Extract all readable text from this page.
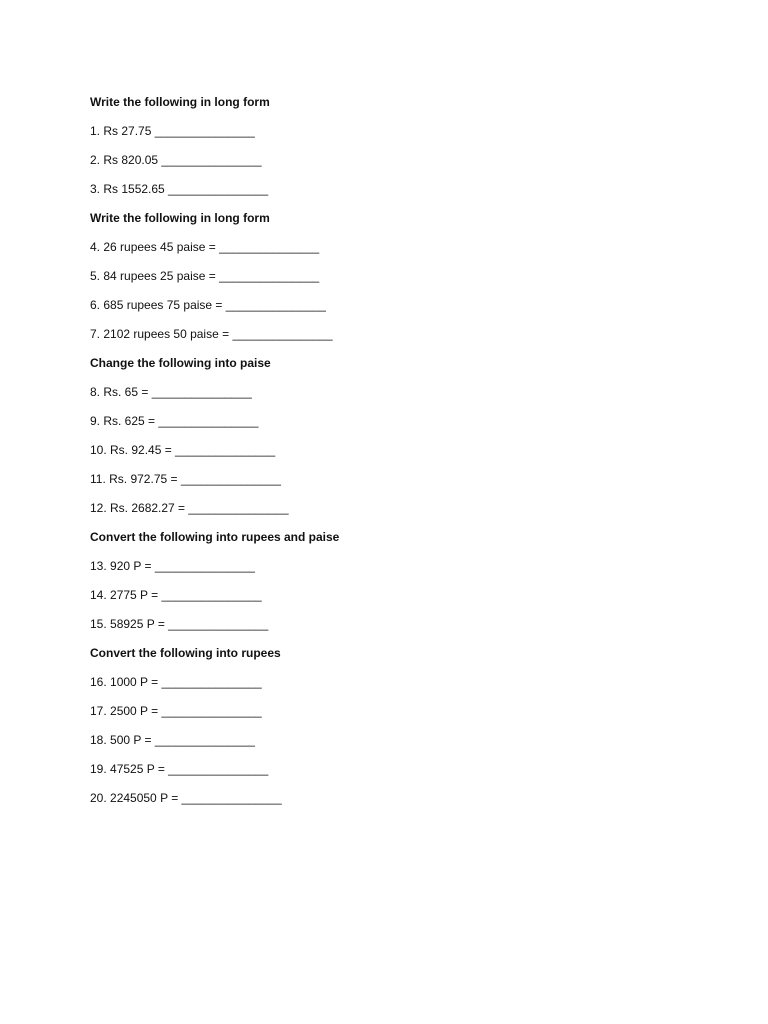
Write the following in long form
1. Rs 27.75 _______________
2. Rs 820.05 _______________
3. Rs 1552.65 _______________
Write the following in long form
4. 26 rupees 45 paise = _______________
5. 84 rupees 25 paise = _______________
6. 685 rupees 75 paise = _______________
7. 2102 rupees 50 paise = _______________
Change the following into paise
8. Rs. 65 = _______________
9. Rs. 625 = _______________
10. Rs. 92.45 = _______________
11. Rs. 972.75 = _______________
12. Rs. 2682.27 = _______________
Convert the following into rupees and paise
13. 920 P = _______________
14. 2775 P = _______________
15. 58925 P = _______________
Convert the following into rupees
16. 1000 P = _______________
17. 2500 P = _______________
18. 500 P = _______________
19. 47525 P = _______________
20. 2245050 P = _______________
